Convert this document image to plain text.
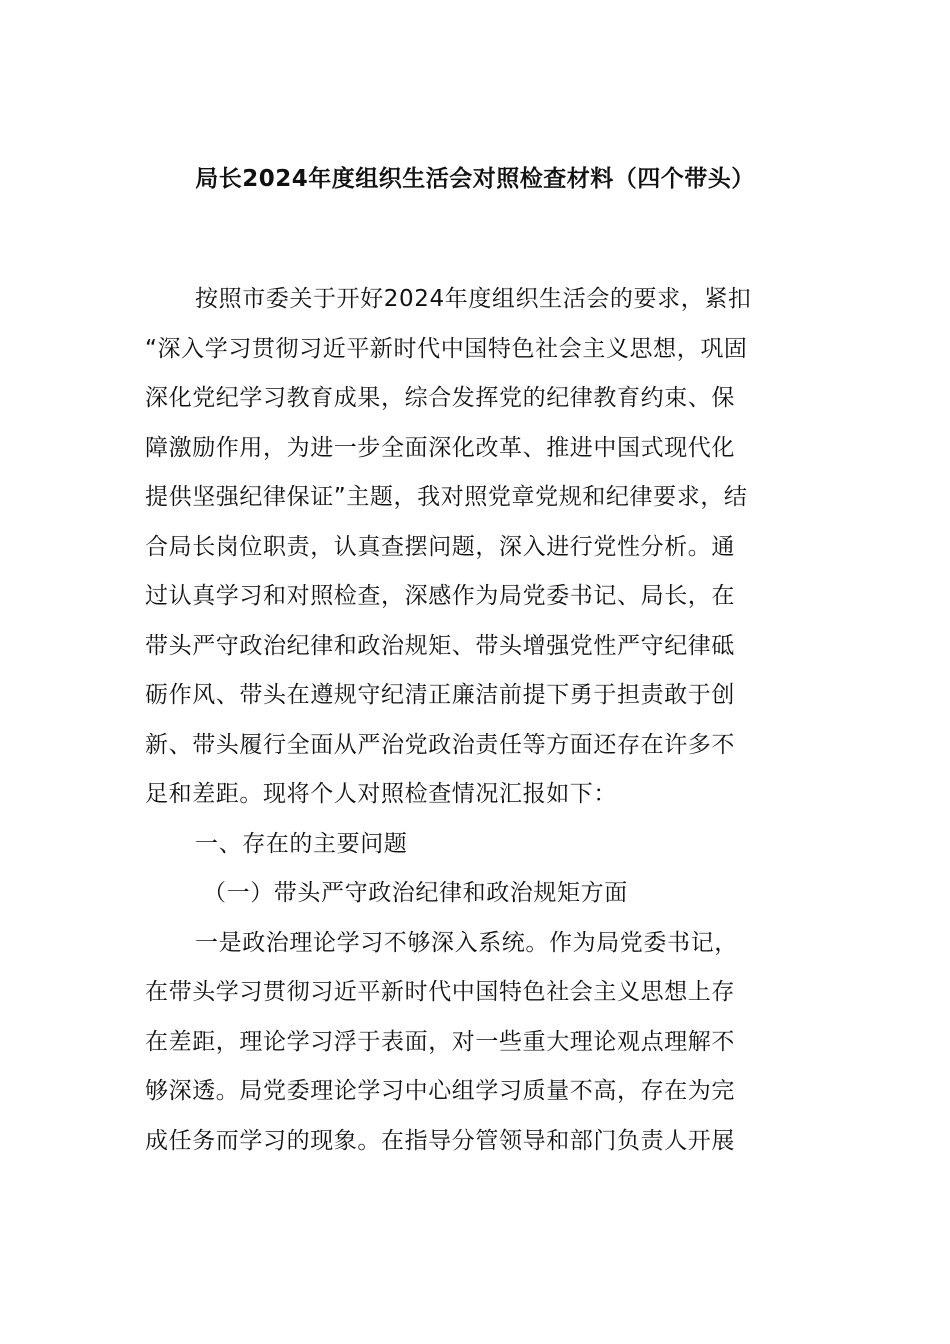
局长2024年度组织生活会对照检查材料（四个带头）
按照市委关于开好2024年度组织生活会的要求，紧扣
“深入学习贯彻习近平新时代中国特色社会主义思想，巩固
深化党纪学习教育成果，综合发挥党的纪律教育约束、保
障激励作用，为进一步全面深化改革、推进中国式现代化
提供坚强纪律保证”主题，我对照党章党规和纪律要求，结
合局长岗位职责，认真查摆问题，深入进行党性分析。通
过认真学习和对照检查，深感作为局党委书记、局长，在
带头严守政治纪律和政治规矩、带头增强党性严守纪律砥
砺作风、带头在遵规守纪清正廉洁前提下勇于担责敢于创
新、带头履行全面从严治党政治责任等方面还存在许多不
足和差距。现将个人对照检查情况汇报如下：
一、存在的主要问题
（一）带头严守政治纪律和政治规矩方面
一是政治理论学习不够深入系统。作为局党委书记，
在带头学习贯彻习近平新时代中国特色社会主义思想上存
在差距，理论学习浮于表面，对一些重大理论观点理解不
够深透。局党委理论学习中心组学习质量不高，存在为完
成任务而学习的现象。在指导分管领导和部门负责人开展
